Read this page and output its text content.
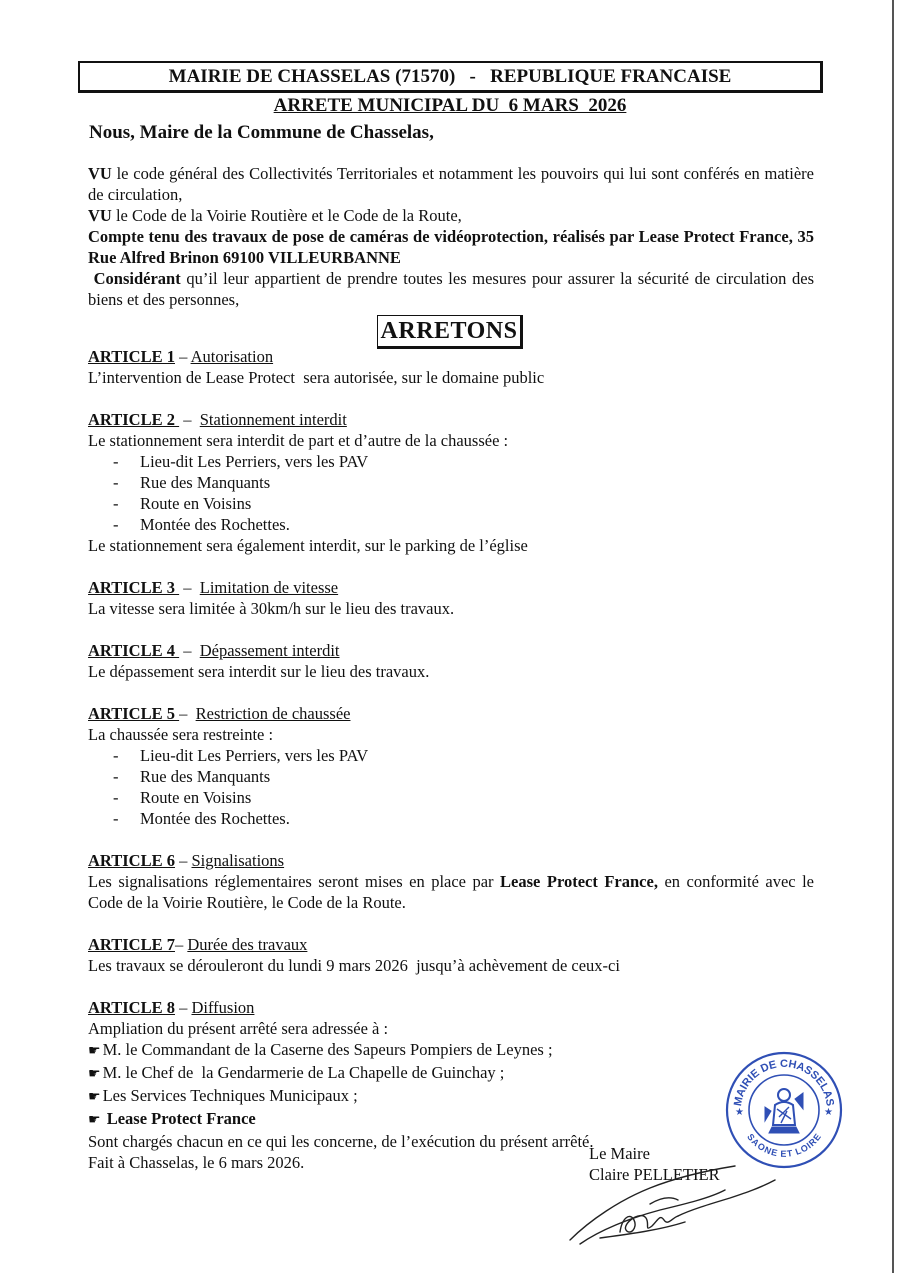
MAIRIE DE CHASSELAS (71570) - REPUBLIQUE FRANCAISE
ARRETE MUNICIPAL DU  6 MARS  2026
Nous, Maire de la Commune de Chasselas,
VU le code général des Collectivités Territoriales et notamment les pouvoirs qui lui sont conférés en matière de circulation,
VU le Code de la Voirie Routière et le Code de la Route,
Compte tenu des travaux de pose de caméras de vidéoprotection, réalisés par Lease Protect France, 35 Rue Alfred Brinon 69100 VILLEURBANNE
Considérant qu’il leur appartient de prendre toutes les mesures pour assurer la sécurité de circulation des biens et des personnes,
ARRETONS
ARTICLE 1 – Autorisation
L’intervention de Lease Protect  sera autorisée, sur le domaine public
ARTICLE 2  –  Stationnement interdit
Le stationnement sera interdit de part et d’autre de la chaussée :
- Lieu-dit Les Perriers, vers les PAV
- Rue des Manquants
- Route en Voisins
- Montée des Rochettes.
Le stationnement sera également interdit, sur le parking de l’église
ARTICLE 3  –  Limitation de vitesse
La vitesse sera limitée à 30km/h sur le lieu des travaux.
ARTICLE 4  –  Dépassement interdit
Le dépassement sera interdit sur le lieu des travaux.
ARTICLE 5 –  Restriction de chaussée
La chaussée sera restreinte :
- Lieu-dit Les Perriers, vers les PAV
- Rue des Manquants
- Route en Voisins
- Montée des Rochettes.
ARTICLE 6 – Signalisations
Les signalisations réglementaires seront mises en place par Lease Protect France, en conformité avec le Code de la Voirie Routière, le Code de la Route.
ARTICLE 7– Durée des travaux
Les travaux se dérouleront du lundi 9 mars 2026  jusqu’à achèvement de ceux-ci
ARTICLE 8 – Diffusion
Ampliation du présent arrêté sera adressée à :
☛ M. le Commandant de la Caserne des Sapeurs Pompiers de Leynes ;
☛ M. le Chef de  la Gendarmerie de La Chapelle de Guinchay ;
☛ Les Services Techniques Municipaux ;
☛ Lease Protect France
Sont chargés chacun en ce qui les concerne, de l’exécution du présent arrêté.
Fait à Chasselas, le 6 mars 2026.	Le Maire
Claire PELLETIER
MAIRIE DE CHASSELAS
SAONE ET LOIRE
★	★
